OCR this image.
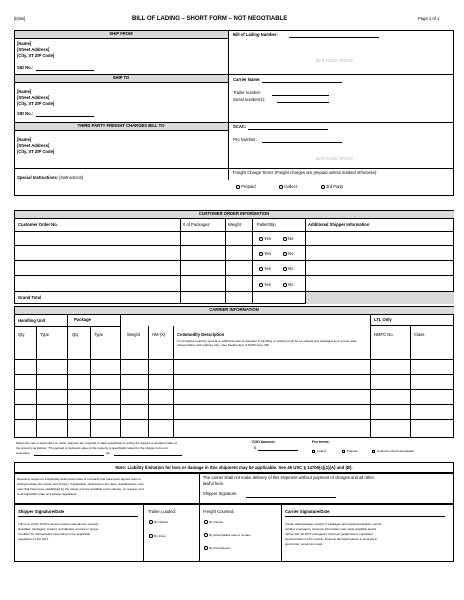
[Date]	BILL OF LADING – SHORT FORM – NOT NEGOTIABLE	Page 1 of 1
SHIP FROM
[Name]
[Street Address]
[City, ST ZIP Code]
SID No.:
SHIP TO
[Name]
[Street Address]
[City, ST ZIP Code]
SID No.:
THIRD PARTY FREIGHT CHARGES BILL TO
[Name]
[Street Address]
[City, ST ZIP Code]
Special Instructions: [Instructions]
Bill of Lading Number:
BAR CODE SPACE
Carrier Name:
Trailer number:
Serial number(s):
SCAC:
Pro Number:
BAR CODE SPACE
Freight Charge Terms (Freight charges are prepaid unless marked otherwise):
Prepaid	Collect	3rd Party
CUSTOMER ORDER INFORMATION
Customer Order No.	# of Packages	Weight	Pallet/Slip	Additional Shipper Information
Yes	No
Yes	No
Yes	No
Yes	No
Grand Total
CARRIER INFORMATION
Handling Unit	Package	LTL Only
Qty	Type	Qty	Type	Weight	HM (X)	Commodity Description
Commodities requiring special or additional care or attention in handling or stowing must be so marked and packaged as to ensure safe transportation with ordinary care. See Section 2(e) of NMFC item 360
NMFC No.	Class
Where the rate is dependent on value, shippers are required to state specifically in writing the agreed or declared value of
the property as follows: "The agreed or declared value of the property is specifically stated by the shipper to be not
exceeding	per
COD Amount:
$
Fee terms:
Collect	Prepaid	Customer check acceptable
Note: Liability limitation for loss or damage in this shipment may be applicable. See 49 USC § 14706(c)(1)(A) and (B).
Received, subject to individually determined rates or contracts that have been agreed upon in
writing between the carrier and shipper, if applicable, otherwise to the rates, classifications, and
rules that have been established by the carrier and are available to the shipper, on request, and
to all applicable state and federal regulations.
The carrier shall not make delivery of this shipment without payment of charges and all other
lawful fees.
Shipper Signature
Shipper Signature/Date
This is to certify that the above named materials are properly
classified, packaged, marked, and labeled, and are in proper
condition for transportation according to the applicable
regulations of the DOT.
Trailer Loaded:
By shipper
By driver
Freight Counted:
By shipper
By driver/pallets said to contain
By driver/pieces
Carrier Signature/Date
Carrier acknowledges receipt of packages and required placards. Carrier
certifies emergency response information was made available and/or
carrier has the DOT emergency response guidebook or equivalent
documentation in the vehicle. Property described above is received in
good order, except as noted.
